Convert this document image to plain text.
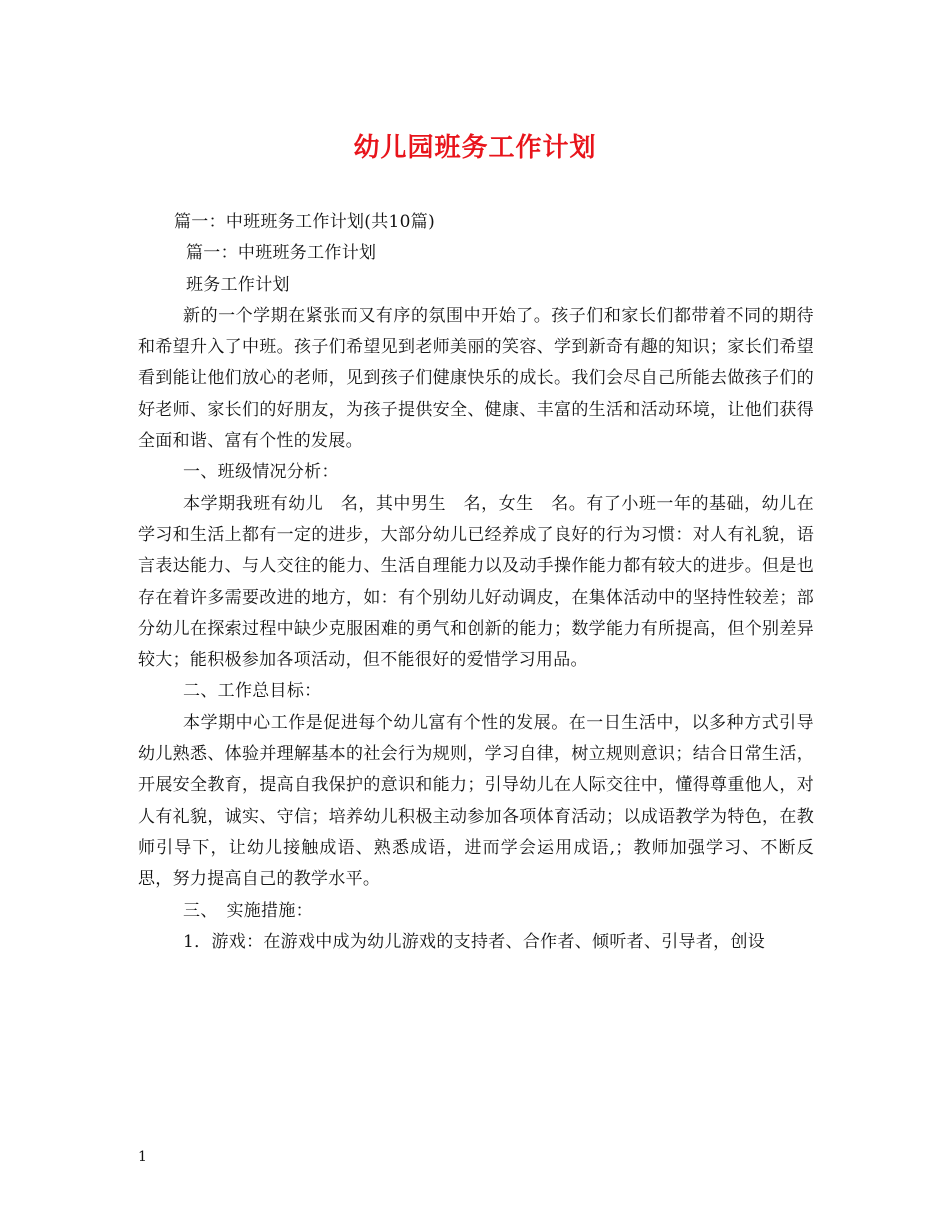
幼儿园班务工作计划

篇一：中班班务工作计划(共10篇)

篇一：中班班务工作计划

班务工作计划

新的一个学期在紧张而又有序的氛围中开始了。孩子们和家长们都带着不同的期待和希望升入了中班。孩子们希望见到老师美丽的笑容、学到新奇有趣的知识；家长们希望看到能让他们放心的老师，见到孩子们健康快乐的成长。我们会尽自己所能去做孩子们的好老师、家长们的好朋友，为孩子提供安全、健康、丰富的生活和活动环境，让他们获得全面和谐、富有个性的发展。

一、班级情况分析：

本学期我班有幼儿　名，其中男生　名，女生　名。有了小班一年的基础，幼儿在学习和生活上都有一定的进步，大部分幼儿已经养成了良好的行为习惯：对人有礼貌，语言表达能力、与人交往的能力、生活自理能力以及动手操作能力都有较大的进步。但是也存在着许多需要改进的地方，如：有个别幼儿好动调皮，在集体活动中的坚持性较差；部分幼儿在探索过程中缺少克服困难的勇气和创新的能力；数学能力有所提高，但个别差异较大；能积极参加各项活动，但不能很好的爱惜学习用品。

二、工作总目标：

本学期中心工作是促进每个幼儿富有个性的发展。在一日生活中，以多种方式引导幼儿熟悉、体验并理解基本的社会行为规则，学习自律，树立规则意识；结合日常生活，开展安全教育，提高自我保护的意识和能力；引导幼儿在人际交往中，懂得尊重他人，对人有礼貌，诚实、守信；培养幼儿积极主动参加各项体育活动；以成语教学为特色，在教师引导下，让幼儿接触成语、熟悉成语，进而学会运用成语,；教师加强学习、不断反思，努力提高自己的教学水平。

三、　实施措施：

1．游戏：在游戏中成为幼儿游戏的支持者、合作者、倾听者、引导者，创设

1
